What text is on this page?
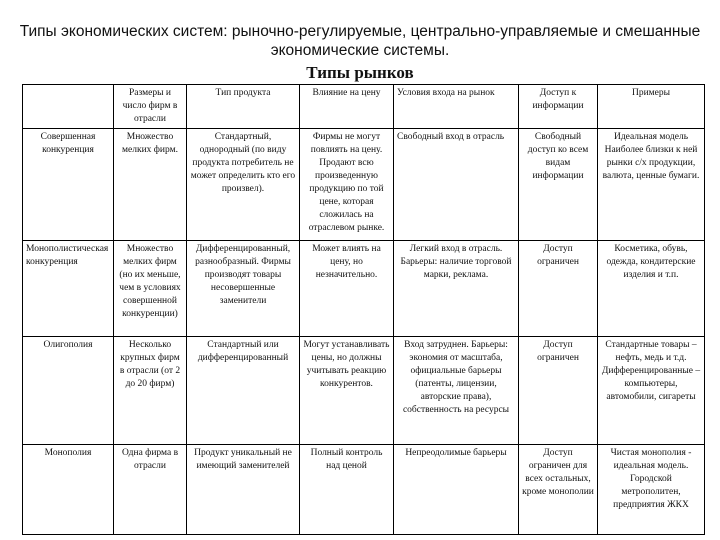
Типы экономических систем: рыночно-регулируемые, центрально-управляемые и смешанные экономические системы.
Типы рынков
	Размеры и число фирм в отрасли	Тип продукта	Влияние на цену	Условия входа на рынок	Доступ к информации	Примеры
Совершенная конкуренция	Множество мелких фирм.	Стандартный, однородный (по виду продукта потребитель не может определить кто его произвел).	Фирмы не могут повлиять на цену. Продают всю произведенную продукцию по той цене, которая сложилась на отраслевом рынке.	Свободный вход в отрасль	Свободный доступ ко всем видам информации	Идеальная модель Наиболее близки к ней рынки с/х продукции, валюта, ценные бумаги.
Монополистическая конкуренция	Множество мелких фирм (но их меньше, чем в условиях совершенной конкуренции)	Дифференцированный, разнообразный. Фирмы производят товары несовершенные заменители	Может влиять на цену, но незначительно.	Легкий вход в отрасль. Барьеры: наличие торговой марки, реклама.	Доступ ограничен	Косметика, обувь, одежда, кондитерские изделия и т.п.
Олигополия	Несколько крупных фирм в отрасли (от 2 до 20 фирм)	Стандартный или дифференцированный	Могут устанавливать цены, но должны учитывать реакцию конкурентов.	Вход затруднен. Барьеры: экономия от масштаба, официальные барьеры (патенты, лицензии, авторские права), собственность на ресурсы	Доступ ограничен	Стандартные товары – нефть, медь и т.д. Дифференцированные – компьютеры, автомобили, сигареты
Монополия	Одна фирма в отрасли	Продукт уникальный не имеющий заменителей	Полный контроль над ценой	Непреодолимые барьеры	Доступ ограничен для всех остальных, кроме монополии	Чистая монополия - идеальная модель. Городской метрополитен, предприятия ЖКХ
